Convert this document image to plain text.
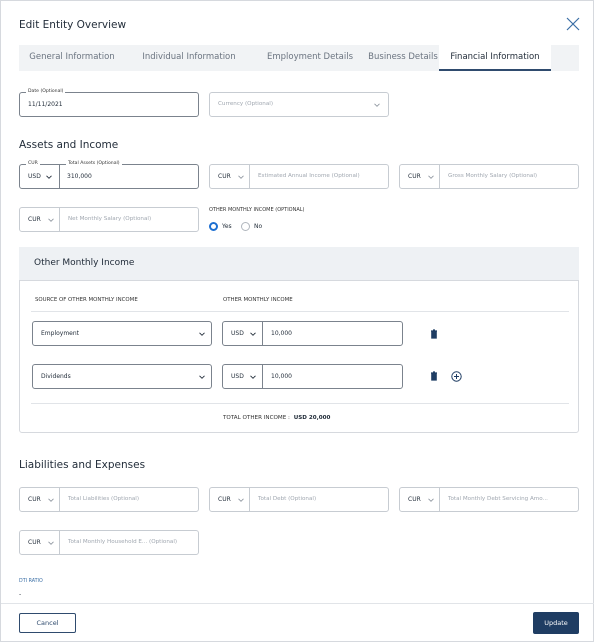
Edit Entity Overview
General Information	Individual Information	Employment Details	Business Details	Financial Information
Date (Optional)
11/11/2021	Currency (Optional)
Assets and Income
USD
CUR	Total Assets (Optional)
310,000	CUR	Estimated Annual Income (Optional)	CUR	Gross Monthly Salary (Optional)
CUR	Net Monthly Salary (Optional)
OTHER MONTHLY INCOME (OPTIONAL)
Yes	No
Other Monthly Income
SOURCE OF OTHER MONTHLY INCOME	OTHER MONTHLY INCOME
Employment	USD	10,000
Dividends	USD	10,000
TOTAL OTHER INCOME : USD 20,000
Liabilities and Expenses
CUR	Total Liabilities (Optional)	CUR	Total Debt (Optional)	CUR	Total Monthly Debt Servicing Amo...
CUR	Total Monthly Household E... (Optional)
DTI RATIO
-
Cancel	Update
